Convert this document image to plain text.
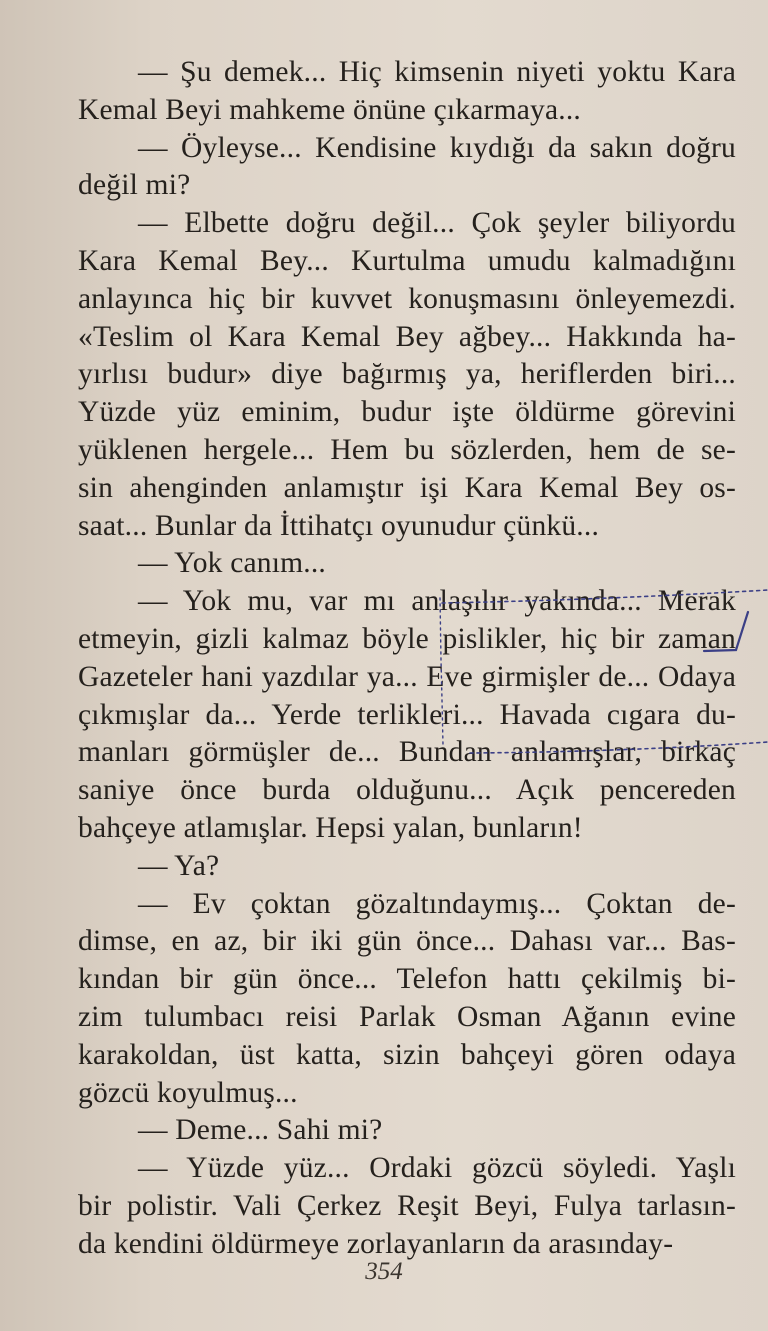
— Şu demek... Hiç kimsenin niyeti yoktu Kara
Kemal Beyi mahkeme önüne çıkarmaya...
— Öyleyse... Kendisine kıydığı da sakın doğru
değil mi?
— Elbette doğru değil... Çok şeyler biliyordu
Kara Kemal Bey... Kurtulma umudu kalmadığını
anlayınca hiç bir kuvvet konuşmasını önleyemezdi.
«Teslim ol Kara Kemal Bey ağbey... Hakkında ha-
yırlısı budur» diye bağırmış ya, heriflerden biri...
Yüzde yüz eminim, budur işte öldürme görevini
yüklenen hergele... Hem bu sözlerden, hem de se-
sin ahenginden anlamıştır işi Kara Kemal Bey os-
saat... Bunlar da İttihatçı oyunudur çünkü...
— Yok canım...
— Yok mu, var mı anlaşılır yakında... Merak
etmeyin, gizli kalmaz böyle pislikler, hiç bir zaman
Gazeteler hani yazdılar ya... Eve girmişler de... Odaya
çıkmışlar da... Yerde terlikleri... Havada cıgara du-
manları görmüşler de... Bundan anlamışlar, birkaç
saniye önce burda olduğunu... Açık pencereden
bahçeye atlamışlar. Hepsi yalan, bunların!
— Ya?
— Ev çoktan gözaltındaymış... Çoktan de-
dimse, en az, bir iki gün önce... Dahası var... Bas-
kından bir gün önce... Telefon hattı çekilmiş bi-
zim tulumbacı reisi Parlak Osman Ağanın evine
karakoldan, üst katta, sizin bahçeyi gören odaya
gözcü koyulmuş...
— Deme... Sahi mi?
— Yüzde yüz... Ordaki gözcü söyledi. Yaşlı
bir polistir. Vali Çerkez Reşit Beyi, Fulya tarlasın-
da kendini öldürmeye zorlayanların da arasınday-
354
